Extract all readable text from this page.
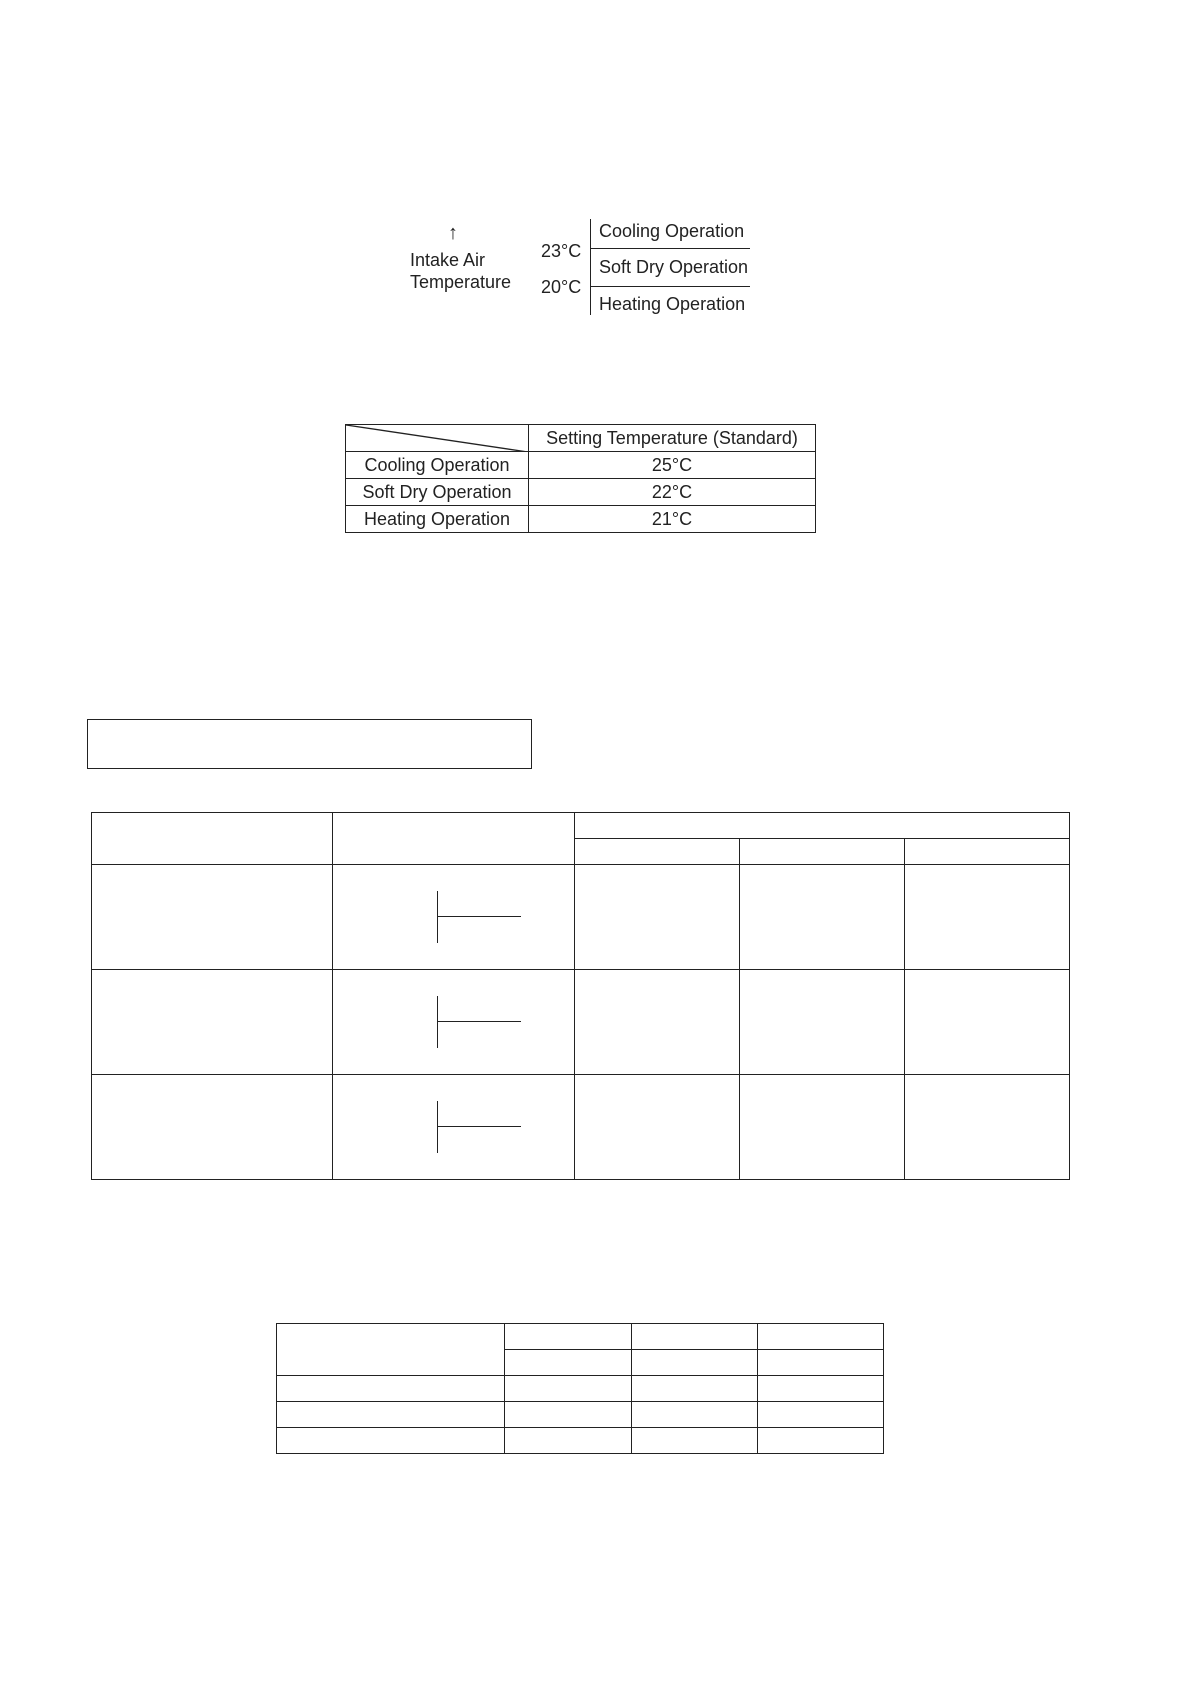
↑
Intake Air
Temperature
23°C
20°C
Cooling Operation
Soft Dry Operation
Heating Operation
	Setting Temperature (Standard)
Cooling Operation	25°C
Soft Dry Operation	22°C
Heating Operation	21°C
